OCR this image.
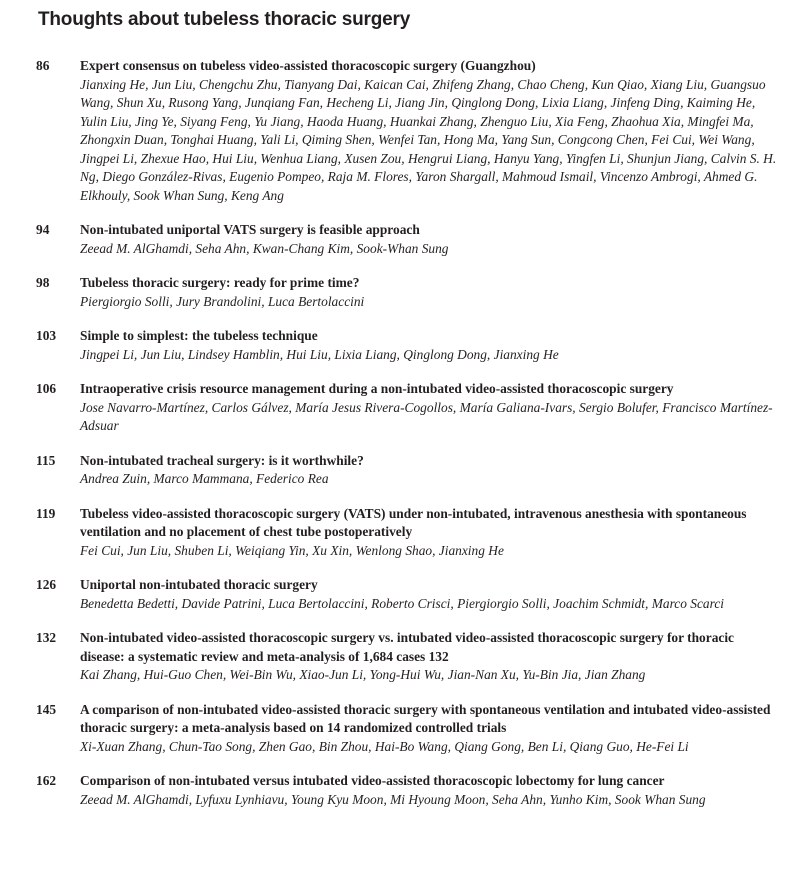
Thoughts about tubeless thoracic surgery
86	Expert consensus on tubeless video-assisted thoracoscopic surgery (Guangzhou)
Jianxing He, Jun Liu, Chengchu Zhu, Tianyang Dai, Kaican Cai, Zhifeng Zhang, Chao Cheng, Kun Qiao, Xiang Liu, Guangsuo Wang, Shun Xu, Rusong Yang, Junqiang Fan, Hecheng Li, Jiang Jin, Qinglong Dong, Lixia Liang, Jinfeng Ding, Kaiming He, Yulin Liu, Jing Ye, Siyang Feng, Yu Jiang, Haoda Huang, Huankai Zhang, Zhenguo Liu, Xia Feng, Zhaohua Xia, Mingfei Ma, Zhongxin Duan, Tonghai Huang, Yali Li, Qiming Shen, Wenfei Tan, Hong Ma, Yang Sun, Congcong Chen, Fei Cui, Wei Wang, Jingpei Li, Zhexue Hao, Hui Liu, Wenhua Liang, Xusen Zou, Hengrui Liang, Hanyu Yang, Yingfen Li, Shunjun Jiang, Calvin S. H. Ng, Diego González-Rivas, Eugenio Pompeo, Raja M. Flores, Yaron Shargall, Mahmoud Ismail, Vincenzo Ambrogi, Ahmed G. Elkhouly, Sook Whan Sung, Keng Ang
94	Non-intubated uniportal VATS surgery is feasible approach
Zeead M. AlGhamdi, Seha Ahn, Kwan-Chang Kim, Sook-Whan Sung
98	Tubeless thoracic surgery: ready for prime time?
Piergiorgio Solli, Jury Brandolini, Luca Bertolaccini
103	Simple to simplest: the tubeless technique
Jingpei Li, Jun Liu, Lindsey Hamblin, Hui Liu, Lixia Liang, Qinglong Dong, Jianxing He
106	Intraoperative crisis resource management during a non-intubated video-assisted thoracoscopic surgery
Jose Navarro-Martínez, Carlos Gálvez, María Jesus Rivera-Cogollos, María Galiana-Ivars, Sergio Bolufer, Francisco Martínez-Adsuar
115	Non-intubated tracheal surgery: is it worthwhile?
Andrea Zuin, Marco Mammana, Federico Rea
119	Tubeless video-assisted thoracoscopic surgery (VATS) under non-intubated, intravenous anesthesia with spontaneous ventilation and no placement of chest tube postoperatively
Fei Cui, Jun Liu, Shuben Li, Weiqiang Yin, Xu Xin, Wenlong Shao, Jianxing He
126	Uniportal non-intubated thoracic surgery
Benedetta Bedetti, Davide Patrini, Luca Bertolaccini, Roberto Crisci, Piergiorgio Solli, Joachim Schmidt, Marco Scarci
132	Non-intubated video-assisted thoracoscopic surgery vs. intubated video-assisted thoracoscopic surgery for thoracic disease: a systematic review and meta-analysis of 1,684 cases 132
Kai Zhang, Hui-Guo Chen, Wei-Bin Wu, Xiao-Jun Li, Yong-Hui Wu, Jian-Nan Xu, Yu-Bin Jia, Jian Zhang
145	A comparison of non-intubated video-assisted thoracic surgery with spontaneous ventilation and intubated video-assisted thoracic surgery: a meta-analysis based on 14 randomized controlled trials
Xi-Xuan Zhang, Chun-Tao Song, Zhen Gao, Bin Zhou, Hai-Bo Wang, Qiang Gong, Ben Li, Qiang Guo, He-Fei Li
162	Comparison of non-intubated versus intubated video-assisted thoracoscopic lobectomy for lung cancer
Zeead M. AlGhamdi, Lyfuxu Lynhiavu, Young Kyu Moon, Mi Hyoung Moon, Seha Ahn, Yunho Kim, Sook Whan Sung
